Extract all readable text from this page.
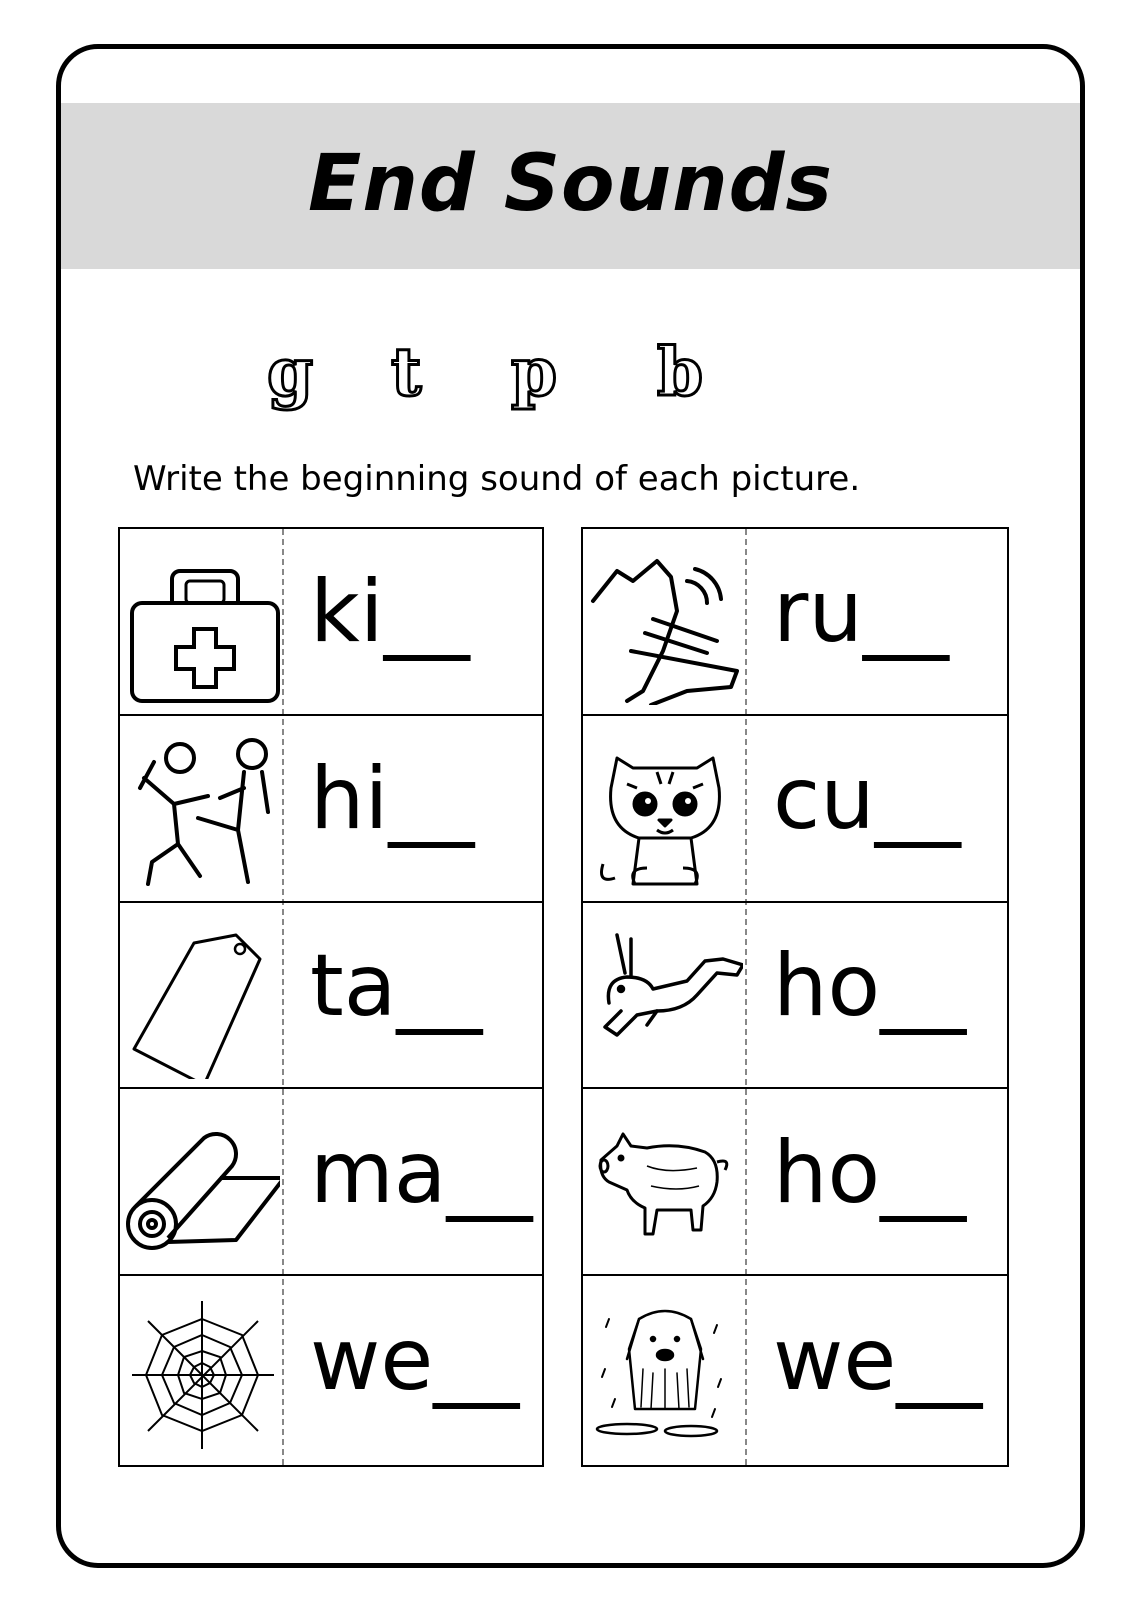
End Sounds
g t p b

Write the beginning sound of each picture.

ki__
hi__
ta__
ma__
we__
ru__
cu__
ho__
ho__
we__
